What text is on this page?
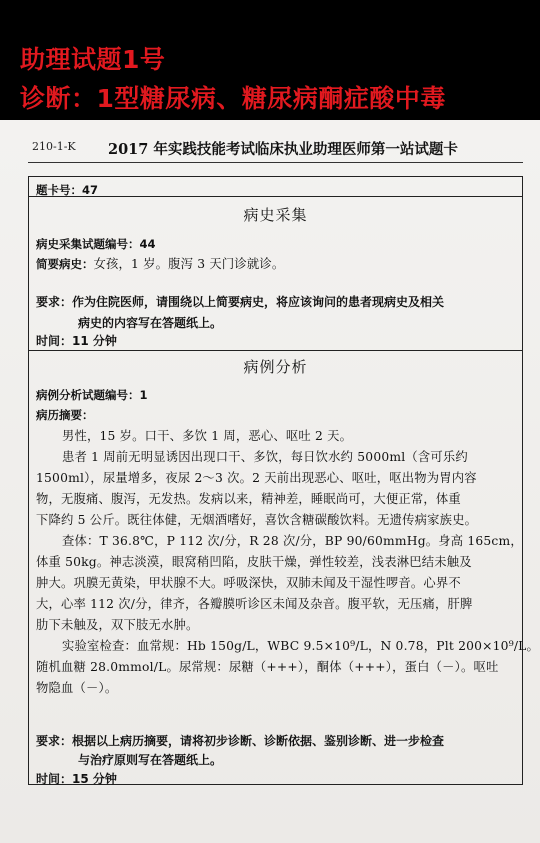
助理试题1号
诊断：1型糖尿病、糖尿病酮症酸中毒
210-1-K 2017 年实践技能考试临床执业助理医师第一站试题卡
题卡号：47
病史采集
病史采集试题编号：44
简要病史：女孩，1 岁。腹泻 3 天门诊就诊。
要求：作为住院医师，请围绕以上简要病史，将应该询问的患者现病史及相关
病史的内容写在答题纸上。
时间：11 分钟
病例分析
病例分析试题编号：1
病历摘要：
男性，15 岁。口干、多饮 1 周，恶心、呕吐 2 天。
患者 1 周前无明显诱因出现口干、多饮，每日饮水约 5000ml（含可乐约
1500ml），尿量增多，夜尿 2～3 次。2 天前出现恶心、呕吐，呕出物为胃内容
物，无腹痛、腹泻，无发热。发病以来，精神差，睡眠尚可，大便正常，体重
下降约 5 公斤。既往体健，无烟酒嗜好，喜饮含糖碳酸饮料。无遗传病家族史。
查体：T 36.8℃，P 112 次/分，R 28 次/分，BP 90/60mmHg。身高 165cm，
体重 50kg。神志淡漠，眼窝稍凹陷，皮肤干燥，弹性较差，浅表淋巴结未触及
肿大。巩膜无黄染，甲状腺不大。呼吸深快，双肺未闻及干湿性啰音。心界不
大，心率 112 次/分，律齐，各瓣膜听诊区未闻及杂音。腹平软，无压痛，肝脾
肋下未触及，双下肢无水肿。
实验室检查：血常规：Hb 150g/L，WBC 9.5×10⁹/L，N 0.78，Plt 200×10⁹/L。
随机血糖 28.0mmol/L。尿常规：尿糖（+++），酮体（+++），蛋白（－）。呕吐
物隐血（－）。
要求：根据以上病历摘要，请将初步诊断、诊断依据、鉴别诊断、进一步检查
与治疗原则写在答题纸上。
时间：15 分钟
